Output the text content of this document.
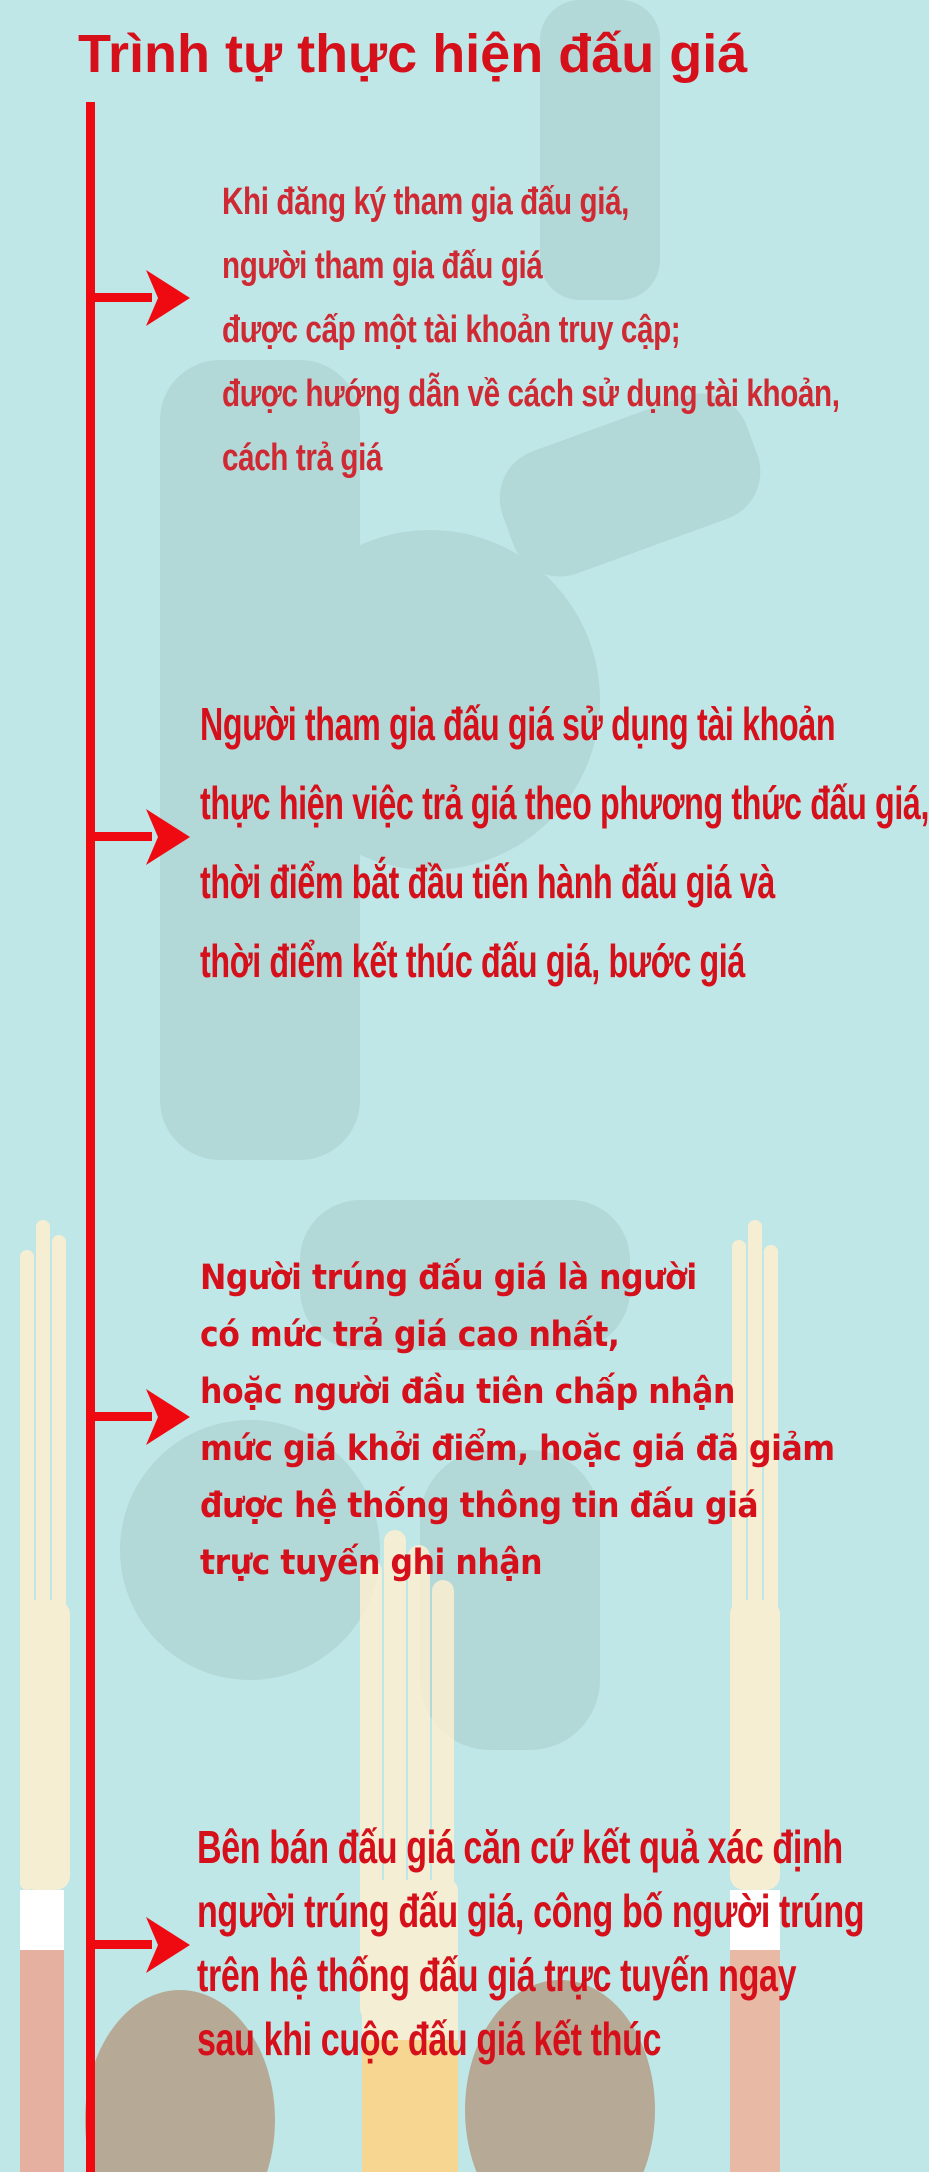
Trình tự thực hiện đấu giá
Khi đăng ký tham gia đấu giá,
người tham gia đấu giá
được cấp một tài khoản truy cập;
được hướng dẫn về cách sử dụng tài khoản,
cách trả giá
Người tham gia đấu giá sử dụng tài khoản
thực hiện việc trả giá theo phương thức đấu giá,
thời điểm bắt đầu tiến hành đấu giá và
thời điểm kết thúc đấu giá, bước giá
Người trúng đấu giá là người
có mức trả giá cao nhất,
hoặc người đầu tiên chấp nhận
mức giá khởi điểm, hoặc giá đã giảm
được hệ thống thông tin đấu giá
trực tuyến ghi nhận
Bên bán đấu giá căn cứ kết quả xác định
người trúng đấu giá, công bố người trúng
trên hệ thống đấu giá trực tuyến ngay
sau khi cuộc đấu giá kết thúc
